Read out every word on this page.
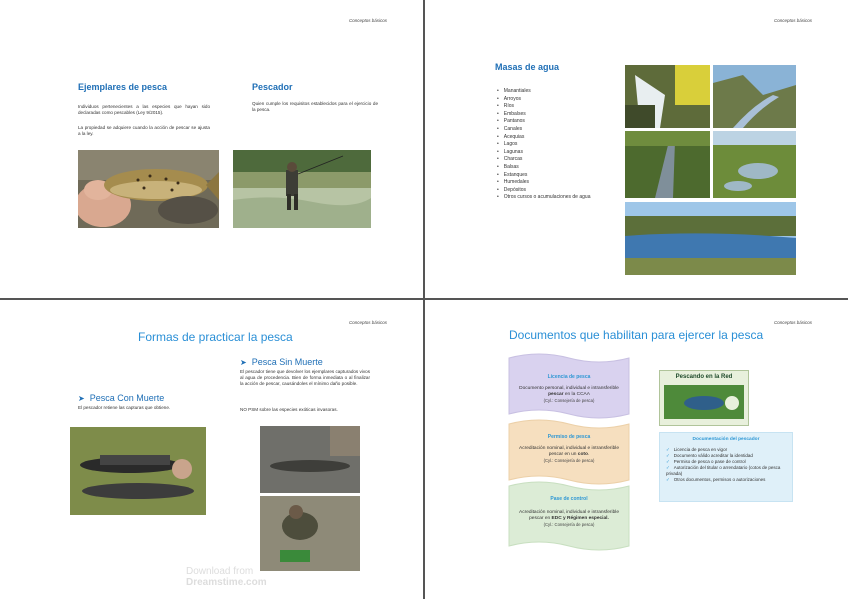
Conceptos básicos
Ejemplares de pesca
Individuos pertenecientes a las especies que hayan sido declaradas como pescables (Ley 9/2015).
La propiedad se adquiere cuando la acción de pescar se ajusta a la ley.
Pescador
Quien cumple los requisitos establecidos para el ejercicio de la pesca.
Conceptos básicos
Masas de agua
• Manantiales
• Arroyos
• Ríos
• Embalses
• Pantanos
• Canales
• Acequias
• Lagos
• Lagunas
• Charcas
• Balsas
• Estanques
• Humedales
• Depósitos
• Otros cursos o acumulaciones de agua
Conceptos básicos
Formas de practicar la pesca
➤ Pesca Sin Muerte
El pescador tiene que devolver los ejemplares capturados vivos al agua de procedencia. Bien de forma inmediata o al finalizar la acción de pescar, causándoles el mínimo daño posible.
NO PSM sobre las especies exóticas invasoras.
➤ Pesca Con Muerte
El pescador retiene las capturas que obtiene.
Conceptos básicos
Documentos que habilitan para ejercer la pesca
Licencia de pesca
Documento personal, individual e intransferible pescar en la CCAA
(Cyl.: Consejería de pesca)
Permiso de pesca
Acreditación nominal, individual e intransferible pescar en un coto.
(Cyl.: Consejería de pesca)
Pase de control
Acreditación nominal, individual e intransferible pescar en EDC y Régimen especial.
(Cyl.: Consejería de pesca)
Pescando en la Red
Documentación del pescador
✓ Licencia de pesca en vigor
✓ Documento válido acreditar la identidad
✓ Permiso de pesca o pase de control
✓ Autorización del titular o arrendatario (cotos de pesca privada)
✓ Otros documentos, permisos o autorizaciones
Download from
Dreamstime.com
